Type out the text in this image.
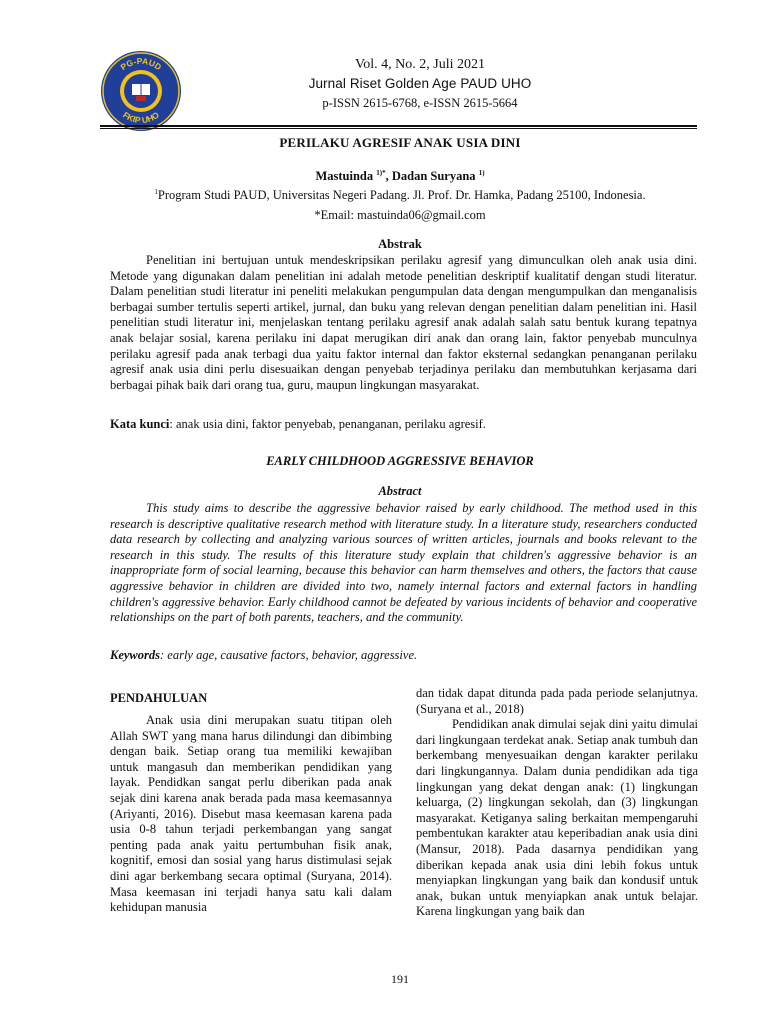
PG-PAUD
FKIP UHO
Vol. 4, No. 2, Juli 2021
Jurnal Riset Golden Age PAUD UHO
p-ISSN 2615-6768, e-ISSN 2615-5664
PERILAKU AGRESIF ANAK USIA DINI
Mastuinda $^{1)*}$, Dadan Suryana $^{1)}$
$^1$Program Studi PAUD, Universitas Negeri Padang. Jl. Prof. Dr. Hamka, Padang 25100, Indonesia.
*Email: mastuinda06@gmail.com
Abstrak

Penelitian ini bertujuan untuk mendeskripsikan perilaku agresif yang dimunculkan oleh anak usia dini. Metode yang digunakan dalam penelitian ini adalah metode penelitian deskriptif kualitatif dengan studi literatur. Dalam penelitian studi literatur ini peneliti melakukan pengumpulan data dengan mengumpulkan dan menganalisis berbagai sumber tertulis seperti artikel, jurnal, dan buku yang relevan dengan penelitian dalam penelitian ini. Hasil penelitian studi literatur ini, menjelaskan tentang perilaku agresif anak adalah salah satu bentuk kurang tepatnya anak belajar sosial, karena perilaku ini dapat merugikan diri anak dan orang lain, faktor penyebab munculnya perilaku agresif pada anak terbagi dua yaitu faktor internal dan faktor eksternal sedangkan penanganan perilaku agresif anak usia dini perlu disesuaikan dengan penyebab terjadinya perilaku dan membutuhkan kerjasama dari berbagai pihak baik dari orang tua, guru, maupun lingkungan masyarakat.

Kata kunci: anak usia dini, faktor penyebab, penanganan, perilaku agresif.
EARLY CHILDHOOD AGGRESSIVE BEHAVIOR
Abstract

This study aims to describe the aggressive behavior raised by early childhood. The method used in this research is descriptive qualitative research method with literature study. In a literature study, researchers conducted data research by collecting and analyzing various sources of written articles, journals and books relevant to the research in this study. The results of this literature study explain that children's aggressive behavior is an inappropriate form of social learning, because this behavior can harm themselves and others, the factors that cause aggressive behavior in children are divided into two, namely internal factors and external factors in handling children's aggressive behavior. Early childhood cannot be defeated by various incidents of behavior and cooperative relationships on the part of both parents, teachers, and the community.

Keywords: early age, causative factors, behavior, aggressive.
PENDAHULUAN

Anak usia dini merupakan suatu titipan oleh Allah SWT yang mana harus dilindungi dan dibimbing dengan baik. Setiap orang tua memiliki kewajiban untuk mangasuh dan memberikan pendidikan yang layak. Pendidkan sangat perlu diberikan pada anak sejak dini karena anak berada pada masa keemasannya (Ariyanti, 2016). Disebut masa keemasan karena pada usia 0-8 tahun terjadi perkembangan yang sangat penting pada anak yaitu pertumbuhan fisik anak, kognitif, emosi dan sosial yang harus distimulasi sejak dini agar berkembang secara optimal (Suryana, 2014). Masa keemasan ini terjadi hanya satu kali dalam kehidupan manusia

dan tidak dapat ditunda pada pada periode selanjutnya. (Suryana et al., 2018)

Pendidikan anak dimulai sejak dini yaitu dimulai dari lingkungaan terdekat anak. Setiap anak tumbuh dan berkembang menyesuaikan dengan karakter perilaku dari lingkungannya. Dalam dunia pendidikan ada tiga lingkungan yang dekat dengan anak: (1) lingkungan keluarga, (2) lingkungan sekolah, dan (3) lingkungan masyarakat. Ketiganya saling berkaitan mempengaruhi pembentukan karakter atau keperibadian anak usia dini (Mansur, 2018). Pada dasarnya pendidikan yang diberikan kepada anak usia dini lebih fokus untuk menyiapkan lingkungan yang baik dan kondusif untuk anak, bukan untuk menyiapkan anak untuk belajar. Karena lingkungan yang baik dan

191
